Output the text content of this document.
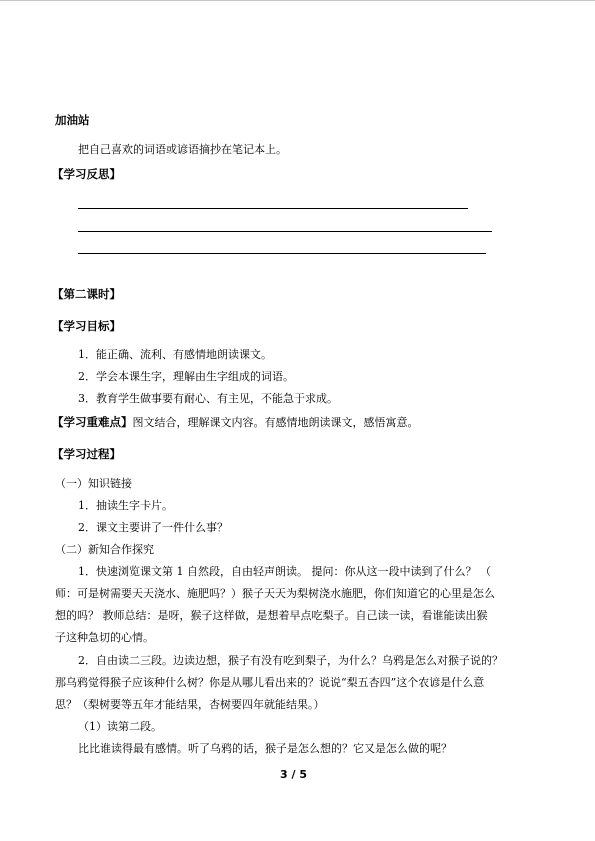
加油站
把自己喜欢的词语或谚语摘抄在笔记本上。
【学习反思】
【第二课时】
【学习目标】
1．能正确、流利、有感情地朗读课文。
2．学会本课生字，理解由生字组成的词语。
3．教育学生做事要有耐心、有主见，不能急于求成。
【学习重难点】图文结合，理解课文内容。有感情地朗读课文，感悟寓意。
【学习过程】
（一）知识链接
1．抽读生字卡片。
2．课文主要讲了一件什么事？
（二）新知合作探究
1．快速浏览课文第 1 自然段，自由轻声朗读。 提问：你从这一段中读到了什么？ （
师：可是树需要天天浇水、施肥吗？）猴子天天为梨树浇水施肥，你们知道它的心里是怎么
想的吗？ 教师总结：是呀，猴子这样做，是想着早点吃梨子。自己读一读，看谁能读出猴
子这种急切的心情。
2．自由读二三段。边读边想，猴子有没有吃到梨子，为什么？乌鸦是怎么对猴子说的？
那乌鸦觉得猴子应该种什么树？你是从哪儿看出来的？说说“梨五杏四”这个农谚是什么意
思？（梨树要等五年才能结果，杏树要四年就能结果。）
（1）读第二段。
比比谁读得最有感情。听了乌鸦的话，猴子是怎么想的？它又是怎么做的呢？
3 / 5
